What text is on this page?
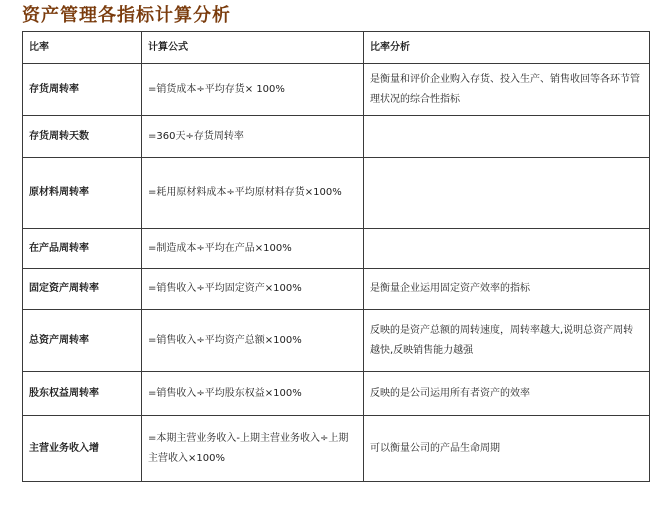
资产管理各指标计算分析
比率	计算公式	比率分析
存货周转率	=销货成本÷平均存货× 100%	是衡量和评价企业购入存货、投入生产、销售收回等各环节管理状况的综合性指标
存货周转天数	=360天÷存货周转率	
原材料周转率	=耗用原材料成本÷平均原材料存货×100%	
在产品周转率	=制造成本÷平均在产品×100%	
固定资产周转率	=销售收入÷平均固定资产×100%	是衡量企业运用固定资产效率的指标
总资产周转率	=销售收入÷平均资产总额×100%	反映的是资产总额的周转速度，周转率越大,说明总资产周转越快,反映销售能力越强
股东权益周转率	=销售收入÷平均股东权益×100%	反映的是公司运用所有者资产的效率
主营业务收入增	=本期主营业务收入-上期主营业务收入÷上期主营收入×100%	可以衡量公司的产品生命周期
